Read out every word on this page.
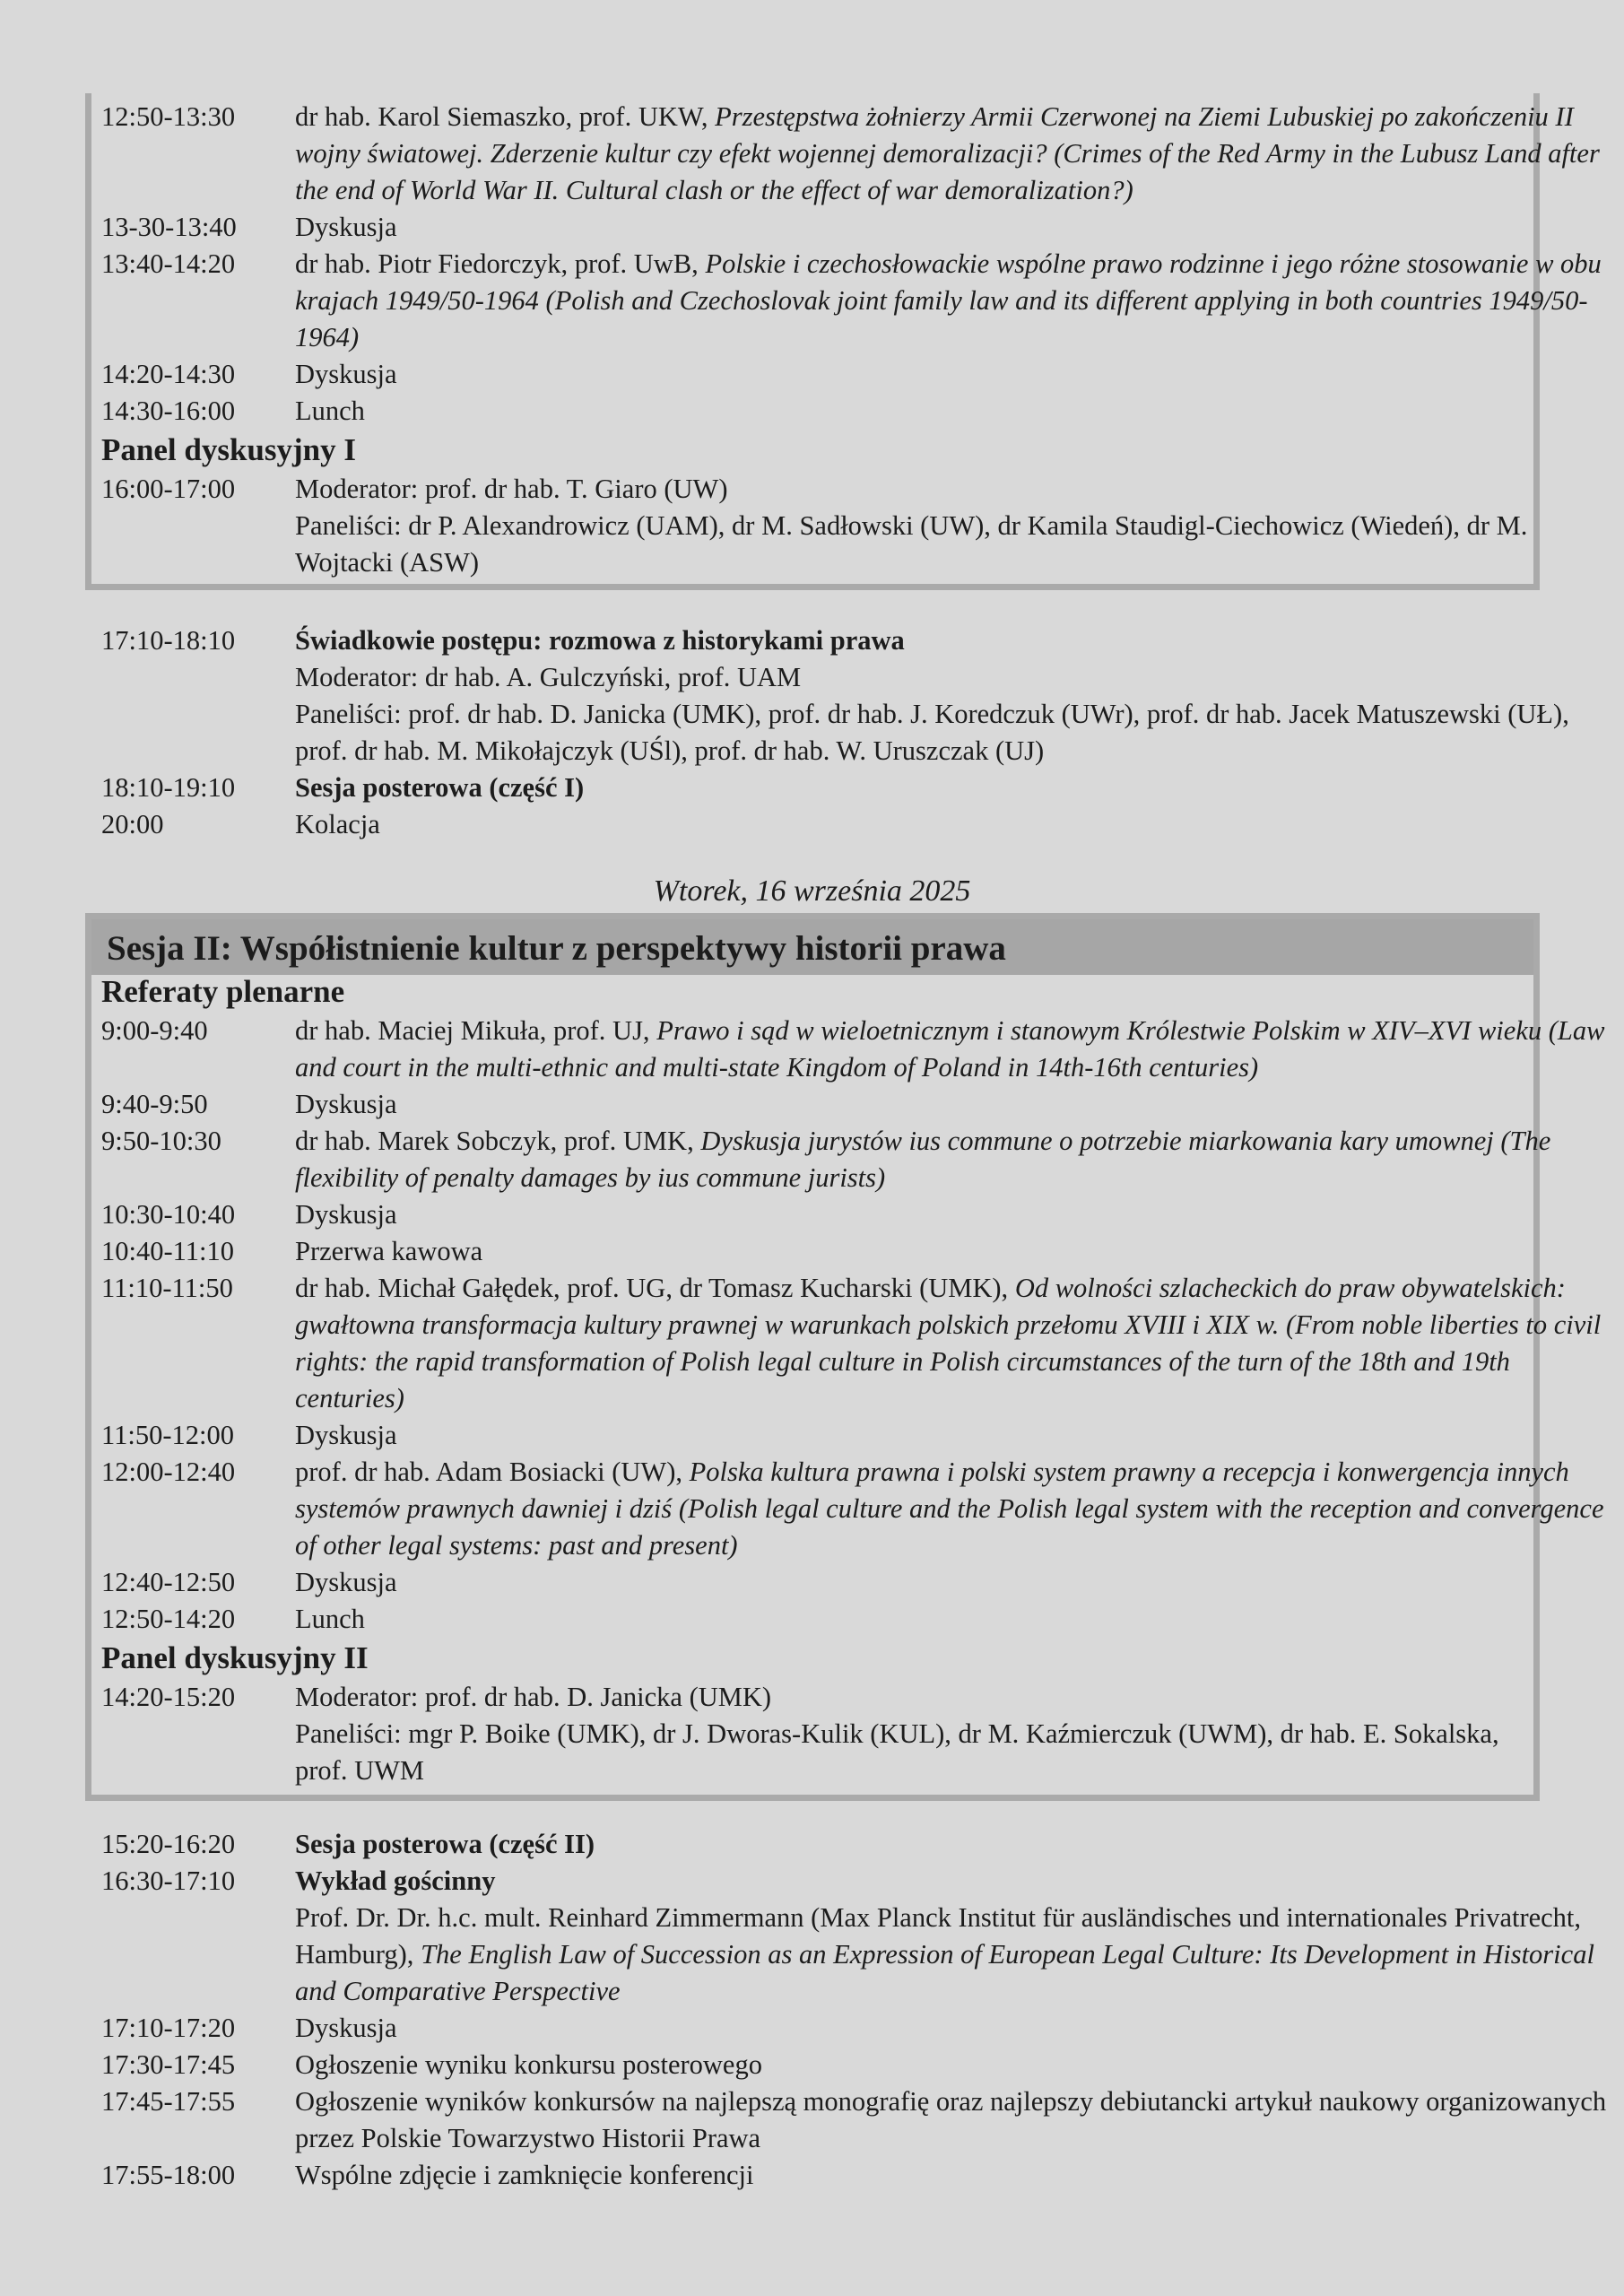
Sesja II: Współistnienie kultur z perspektywy historii prawa
12:50-13:30	dr hab. Karol Siemaszko, prof. UKW, Przestępstwa żołnierzy Armii Czerwonej na Ziemi Lubuskiej po zakończeniu II wojny światowej. Zderzenie kultur czy efekt wojennej demoralizacji? (Crimes of the Red Army in the Lubusz Land after the end of World War II. Cultural clash or the effect of war demoralization?)
13-30-13:40	Dyskusja
13:40-14:20	dr hab. Piotr Fiedorczyk, prof. UwB, Polskie i czechosłowackie wspólne prawo rodzinne i jego różne stosowanie w obu krajach 1949/50-1964 (Polish and Czechoslovak joint family law and its different applying in both countries 1949/50-1964)
14:20-14:30	Dyskusja
14:30-16:00	Lunch
Panel dyskusyjny I
16:00-17:00	Moderator: prof. dr hab. T. Giaro (UW)
Paneliści: dr P. Alexandrowicz (UAM), dr M. Sadłowski (UW), dr Kamila Staudigl-Ciechowicz (Wiedeń), dr M. Wojtacki (ASW)
17:10-18:10	Świadkowie postępu: rozmowa z historykami prawa
Moderator: dr hab. A. Gulczyński, prof. UAM
Paneliści: prof. dr hab. D. Janicka (UMK), prof. dr hab. J. Koredczuk (UWr), prof. dr hab. Jacek Matuszewski (UŁ), prof. dr hab. M. Mikołajczyk (UŚl), prof. dr hab. W. Uruszczak (UJ)
18:10-19:10	Sesja posterowa (część I)
20:00	Kolacja
Wtorek, 16 września 2025
Referaty plenarne
9:00-9:40	dr hab. Maciej Mikuła, prof. UJ, Prawo i sąd w wieloetnicznym i stanowym Królestwie Polskim w XIV–XVI wieku (Law and court in the multi-ethnic and multi-state Kingdom of Poland in 14th-16th centuries)
9:40-9:50	Dyskusja
9:50-10:30	dr hab. Marek Sobczyk, prof. UMK, Dyskusja jurystów ius commune o potrzebie miarkowania kary umownej (The flexibility of penalty damages by ius commune jurists)
10:30-10:40	Dyskusja
10:40-11:10	Przerwa kawowa
11:10-11:50	dr hab. Michał Gałędek, prof. UG, dr Tomasz Kucharski (UMK), Od wolności szlacheckich do praw obywatelskich: gwałtowna transformacja kultury prawnej w warunkach polskich przełomu XVIII i XIX w. (From noble liberties to civil rights: the rapid transformation of Polish legal culture in Polish circumstances of the turn of the 18th and 19th centuries)
11:50-12:00	Dyskusja
12:00-12:40	prof. dr hab. Adam Bosiacki (UW), Polska kultura prawna i polski system prawny a recepcja i konwergencja innych systemów prawnych dawniej i dziś (Polish legal culture and the Polish legal system with the reception and convergence of other legal systems: past and present)
12:40-12:50	Dyskusja
12:50-14:20	Lunch
Panel dyskusyjny II
14:20-15:20	Moderator: prof. dr hab. D. Janicka (UMK)
Paneliści: mgr P. Boike (UMK), dr J. Dworas-Kulik (KUL), dr M. Kaźmierczuk (UWM), dr hab. E. Sokalska, prof. UWM
15:20-16:20	Sesja posterowa (część II)
16:30-17:10	Wykład gościnny
Prof. Dr. Dr. h.c. mult. Reinhard Zimmermann (Max Planck Institut für ausländisches und internationales Privatrecht, Hamburg), The English Law of Succession as an Expression of European Legal Culture: Its Development in Historical and Comparative Perspective
17:10-17:20	Dyskusja
17:30-17:45	Ogłoszenie wyniku konkursu posterowego
17:45-17:55	Ogłoszenie wyników konkursów na najlepszą monografię oraz najlepszy debiutancki artykuł naukowy organizowanych przez Polskie Towarzystwo Historii Prawa
17:55-18:00	Wspólne zdjęcie i zamknięcie konferencji
